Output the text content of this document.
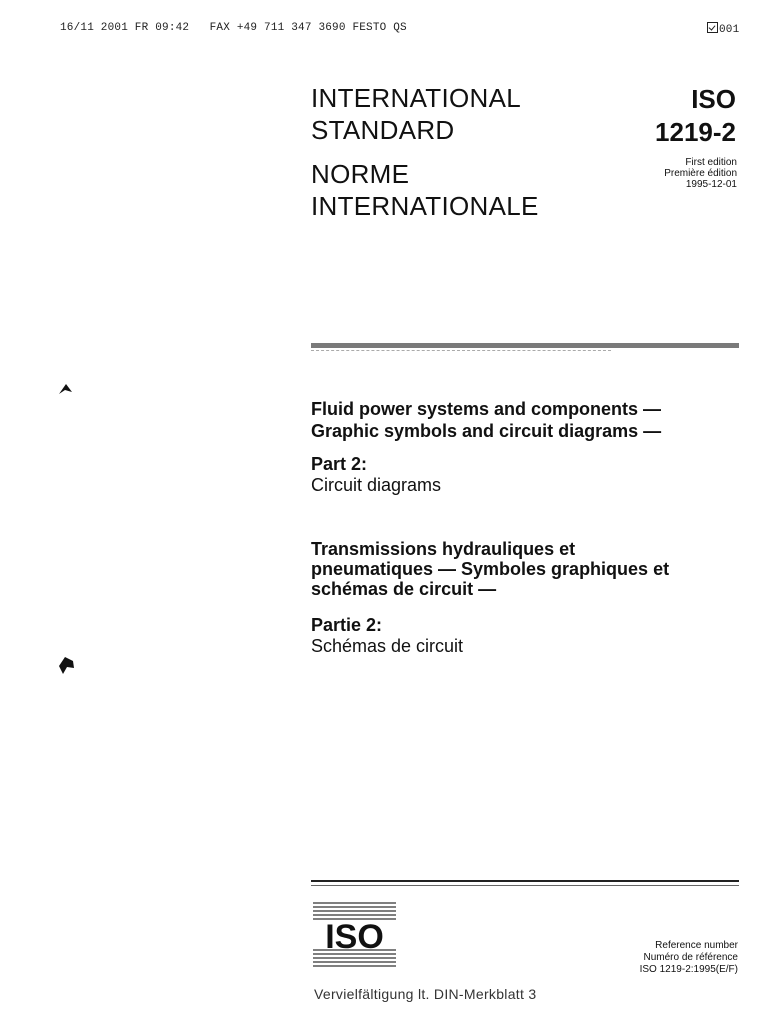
16/11 2001 FR 09:42   FAX +49 711 347 3690 FESTO QS	001
INTERNATIONAL
STANDARD
NORME
INTERNATIONALE
ISO
1219-2
First edition
Première édition
1995-12-01
Fluid power systems and components —
Graphic symbols and circuit diagrams —
Part 2:
Circuit diagrams
Transmissions hydrauliques et
pneumatiques — Symboles graphiques et
schémas de circuit —
Partie 2:
Schémas de circuit
ISO	Reference number
Numéro de référence
ISO 1219-2:1995(E/F)
Vervielfältigung lt. DIN-Merkblatt 3
